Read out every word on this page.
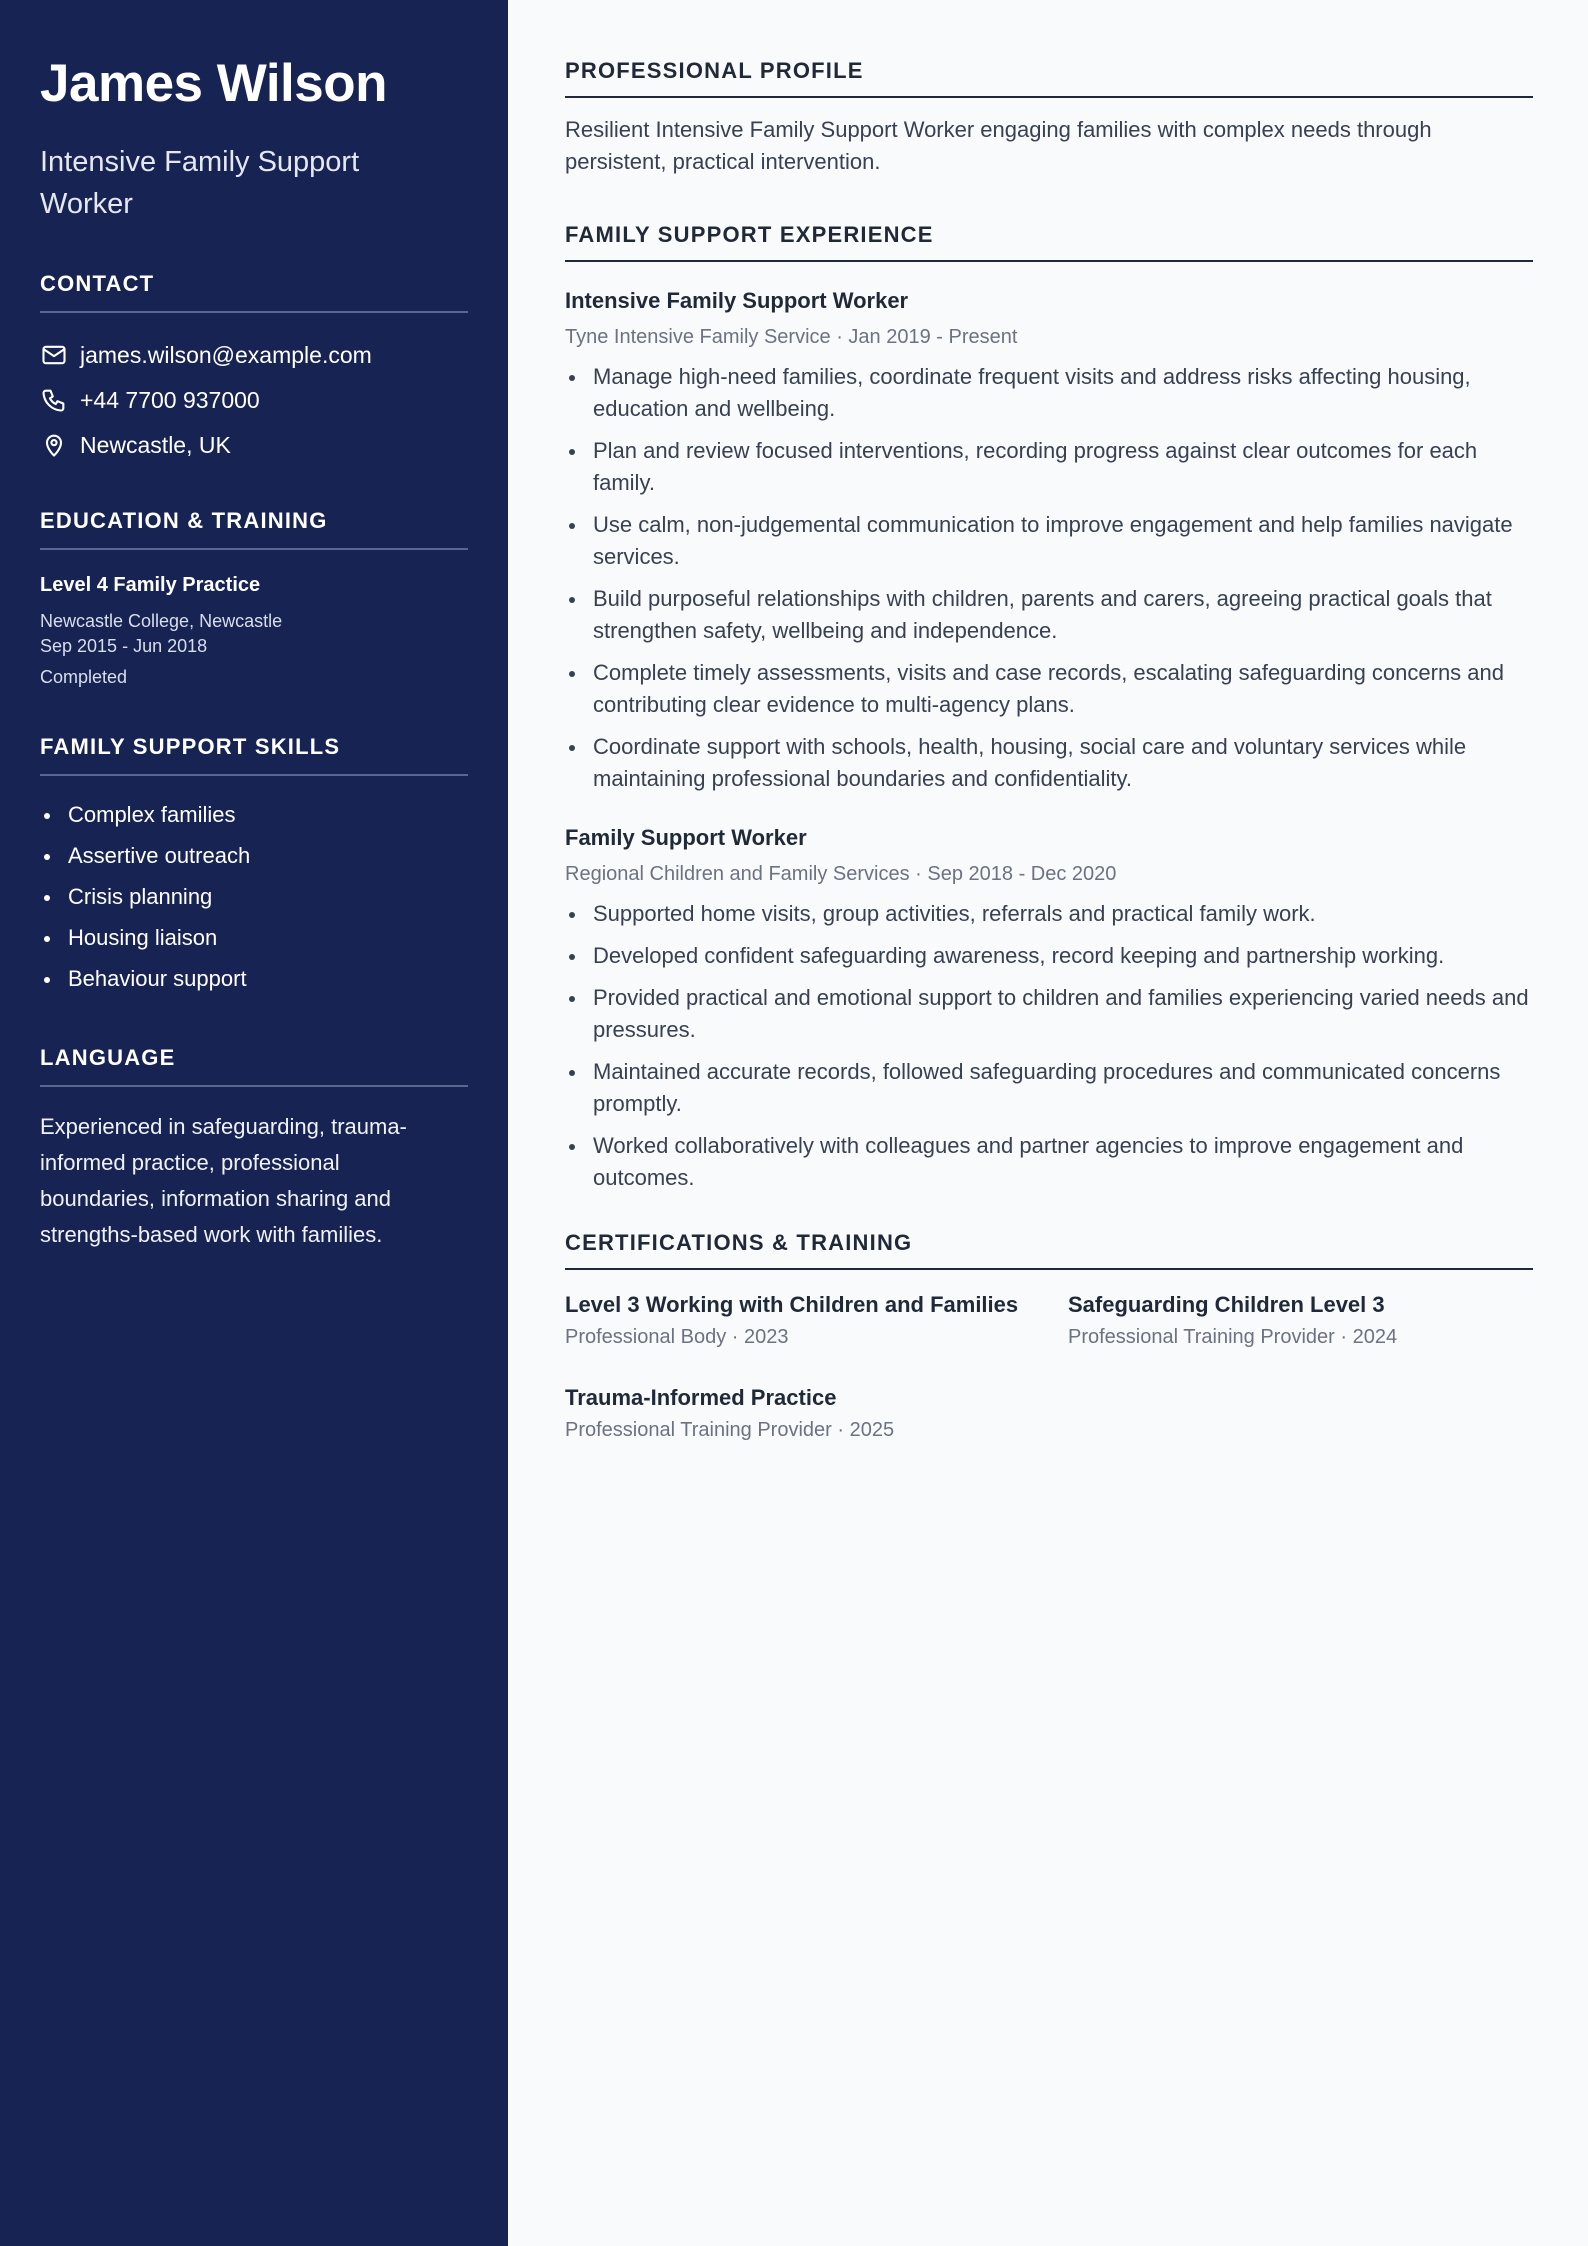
James Wilson
Intensive Family Support Worker
CONTACT
james.wilson@example.com
+44 7700 937000
Newcastle, UK
EDUCATION & TRAINING
Level 4 Family Practice
Newcastle College, Newcastle
Sep 2015 - Jun 2018
Completed
FAMILY SUPPORT SKILLS
Complex families
Assertive outreach
Crisis planning
Housing liaison
Behaviour support
LANGUAGE

Experienced in safeguarding, trauma-informed practice, professional boundaries, information sharing and strengths-based work with families.

PROFESSIONAL PROFILE

Resilient Intensive Family Support Worker engaging families with complex needs through persistent, practical intervention.

FAMILY SUPPORT EXPERIENCE
Intensive Family Support Worker
Tyne Intensive Family Service · Jan 2019 - Present
Manage high-need families, coordinate frequent visits and address risks affecting housing, education and wellbeing.
Plan and review focused interventions, recording progress against clear outcomes for each family.
Use calm, non-judgemental communication to improve engagement and help families navigate services.
Build purposeful relationships with children, parents and carers, agreeing practical goals that strengthen safety, wellbeing and independence.
Complete timely assessments, visits and case records, escalating safeguarding concerns and contributing clear evidence to multi-agency plans.
Coordinate support with schools, health, housing, social care and voluntary services while maintaining professional boundaries and confidentiality.
Family Support Worker
Regional Children and Family Services · Sep 2018 - Dec 2020
Supported home visits, group activities, referrals and practical family work.
Developed confident safeguarding awareness, record keeping and partnership working.
Provided practical and emotional support to children and families experiencing varied needs and pressures.
Maintained accurate records, followed safeguarding procedures and communicated concerns promptly.
Worked collaboratively with colleagues and partner agencies to improve engagement and outcomes.
CERTIFICATIONS & TRAINING
Level 3 Working with Children and Families
Professional Body · 2023
Safeguarding Children Level 3
Professional Training Provider · 2024
Trauma-Informed Practice
Professional Training Provider · 2025
